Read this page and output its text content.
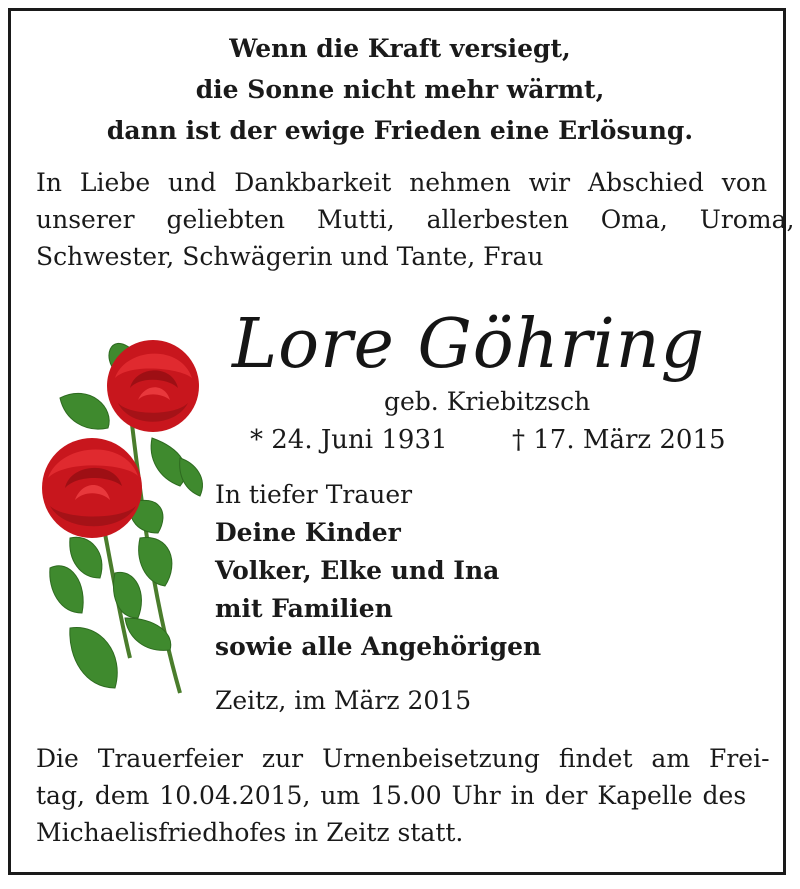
Wenn die Kraft versiegt,
die Sonne nicht mehr wärmt,
dann ist der ewige Frieden eine Erlösung.
In Liebe und Dankbarkeit nehmen wir Abschied von
unserer geliebten Mutti, allerbesten Oma, Uroma,
Schwester, Schwägerin und Tante, Frau
Lore Göhring
geb. Kriebitzsch
* 24. Juni 1931 † 17. März 2015
In tiefer Trauer
Deine Kinder
Volker, Elke und Ina
mit Familien
sowie alle Angehörigen
Zeitz, im März 2015
Die Trauerfeier zur Urnenbeisetzung findet am Frei-
tag, dem 10.04.2015, um 15.00 Uhr in der Kapelle des
Michaelisfriedhofes in Zeitz statt.
